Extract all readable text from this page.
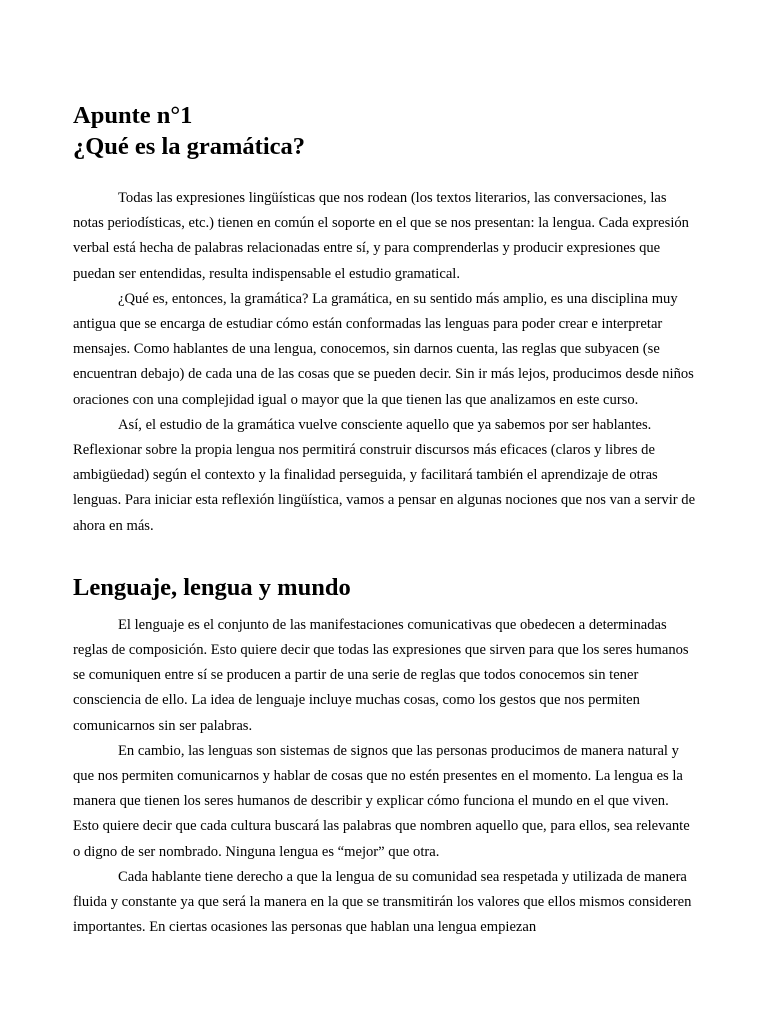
Apunte n°1
¿Qué es la gramática?

Todas las expresiones lingüísticas que nos rodean (los textos literarios, las conversaciones, las notas periodísticas, etc.) tienen en común el soporte en el que se nos presentan: la lengua. Cada expresión verbal está hecha de palabras relacionadas entre sí, y para comprenderlas y producir expresiones que puedan ser entendidas, resulta indispensable el estudio gramatical.

¿Qué es, entonces, la gramática? La gramática, en su sentido más amplio, es una disciplina muy antigua que se encarga de estudiar cómo están conformadas las lenguas para poder crear e interpretar mensajes. Como hablantes de una lengua, conocemos, sin darnos cuenta, las reglas que subyacen (se encuentran debajo) de cada una de las cosas que se pueden decir. Sin ir más lejos, producimos desde niños oraciones con una complejidad igual o mayor que la que tienen las que analizamos en este curso.

Así, el estudio de la gramática vuelve consciente aquello que ya sabemos por ser hablantes. Reflexionar sobre la propia lengua nos permitirá construir discursos más eficaces (claros y libres de ambigüedad) según el contexto y la finalidad perseguida, y facilitará también el aprendizaje de otras lenguas. Para iniciar esta reflexión lingüística, vamos a pensar en algunas nociones que nos van a servir de ahora en más.

Lenguaje, lengua y mundo

El lenguaje es el conjunto de las manifestaciones comunicativas que obedecen a determinadas reglas de composición. Esto quiere decir que todas las expresiones que sirven para que los seres humanos se comuniquen entre sí se producen a partir de una serie de reglas que todos conocemos sin tener consciencia de ello. La idea de lenguaje incluye muchas cosas, como los gestos que nos permiten comunicarnos sin ser palabras.

En cambio, las lenguas son sistemas de signos que las personas producimos de manera natural y que nos permiten comunicarnos y hablar de cosas que no estén presentes en el momento. La lengua es la manera que tienen los seres humanos de describir y explicar cómo funciona el mundo en el que viven. Esto quiere decir que cada cultura buscará las palabras que nombren aquello que, para ellos, sea relevante o digno de ser nombrado. Ninguna lengua es “mejor” que otra.

Cada hablante tiene derecho a que la lengua de su comunidad sea respetada y utilizada de manera fluida y constante ya que será la manera en la que se transmitirán los valores que ellos mismos consideren importantes. En ciertas ocasiones las personas que hablan una lengua empiezan
